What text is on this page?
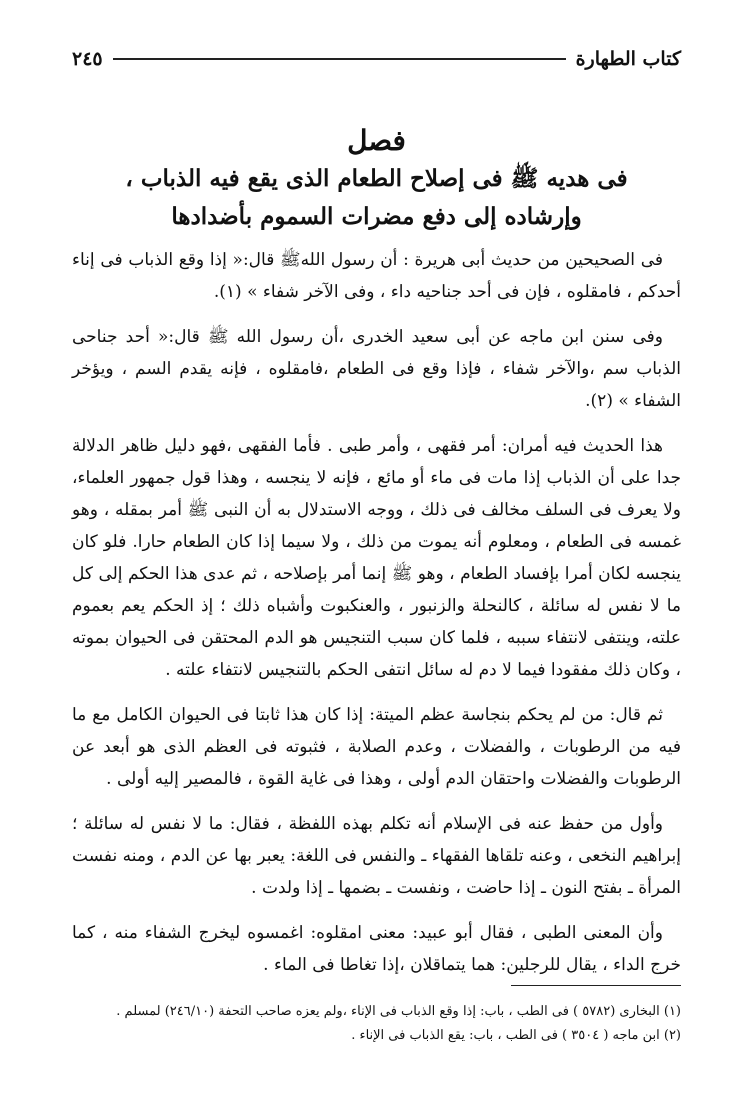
كتاب الطهارة
٢٤٥
فصل
فى هديه ﷺ فى إصلاح الطعام الذى يقع فيه الذباب ،
وإرشاده إلى دفع مضرات السموم بأضدادها

فى الصحيحين من حديث أبى هريرة : أن رسول اللهﷺ قال:« إذا وقع الذباب فى إناء أحدكم ، فامقلوه ، فإن فى أحد جناحيه داء ، وفى الآخر شفاء » (١).

وفى سنن ابن ماجه عن أبى سعيد الخدرى ،أن رسول الله ﷺ قال:« أحد جناحى الذباب سم ،والآخر شفاء ، فإذا وقع فى الطعام ،فامقلوه ، فإنه يقدم السم ، ويؤخر الشفاء » (٢).

هذا الحديث فيه أمران: أمر فقهى ، وأمر طبى . فأما الفقهى ،فهو دليل ظاهر الدلالة جدا على أن الذباب إذا مات فى ماء أو مائع ، فإنه لا ينجسه ، وهذا قول جمهور العلماء، ولا يعرف فى السلف مخالف فى ذلك ، ووجه الاستدلال به أن النبى ﷺ أمر بمقله ، وهو غمسه فى الطعام ، ومعلوم أنه يموت من ذلك ، ولا سيما إذا كان الطعام حارا. فلو كان ينجسه لكان أمرا بإفساد الطعام ، وهو ﷺ إنما أمر بإصلاحه ، ثم عدى هذا الحكم إلى كل ما لا نفس له سائلة ، كالنحلة والزنبور ، والعنكبوت وأشباه ذلك ؛ إذ الحكم يعم بعموم علته، وينتفى لانتفاء سببه ، فلما كان سبب التنجيس هو الدم المحتقن فى الحيوان بموته ، وكان ذلك مفقودا فيما لا دم له سائل انتفى الحكم بالتنجيس لانتفاء علته .

ثم قال: من لم يحكم بنجاسة عظم الميتة: إذا كان هذا ثابتا فى الحيوان الكامل مع ما فيه من الرطوبات ، والفضلات ، وعدم الصلابة ، فثبوته فى العظم الذى هو أبعد عن الرطوبات والفضلات واحتقان الدم أولى ، وهذا فى غاية القوة ، فالمصير إليه أولى .

وأول من حفظ عنه فى الإسلام أنه تكلم بهذه اللفظة ، فقال: ما لا نفس له سائلة ؛ إبراهيم النخعى ، وعنه تلقاها الفقهاء ـ والنفس فى اللغة: يعبر بها عن الدم ، ومنه نفست المرأة ـ بفتح النون ـ إذا حاضت ، ونفست ـ بضمها ـ إذا ولدت .

وأن المعنى الطبى ، فقال أبو عبيد: معنى امقلوه: اغمسوه ليخرج الشفاء منه ، كما خرج الداء ، يقال للرجلين: هما يتماقلان ،إذا تغاطا فى الماء .

(١) البخارى (٥٧٨٢ ) فى الطب ، باب: إذا وقع الذباب فى الإناء ،ولم يعزه صاحب التحفة (٢٤٦/١٠) لمسلم .

(٢) ابن ماجه ( ٣٥٠٤ ) فى الطب ، باب: يقع الذباب فى الإناء .
